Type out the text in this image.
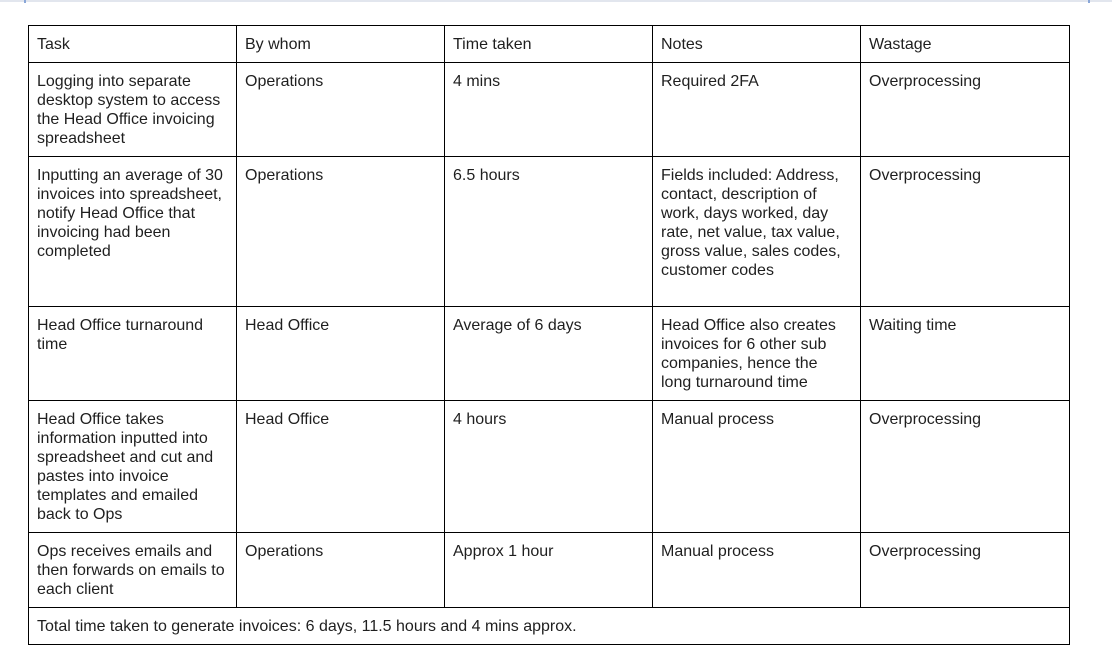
Task	By whom	Time taken	Notes	Wastage
Logging into separate desktop system to access the Head Office invoicing spreadsheet	Operations	4 mins	Required 2FA	Overprocessing
Inputting an average of 30 invoices into spreadsheet, notify Head Office that invoicing had been completed	Operations	6.5 hours	Fields included: Address, contact, description of work, days worked, day rate, net value, tax value, gross value, sales codes, customer codes	Overprocessing
Head Office turnaround time	Head Office	Average of 6 days	Head Office also creates invoices for 6 other sub companies, hence the long turnaround time	Waiting time
Head Office takes information inputted into spreadsheet and cut and pastes into invoice templates and emailed back to Ops	Head Office	4 hours	Manual process	Overprocessing
Ops receives emails and then forwards on emails to each client	Operations	Approx 1 hour	Manual process	Overprocessing
Total time taken to generate invoices: 6 days, 11.5 hours and 4 mins approx.				
